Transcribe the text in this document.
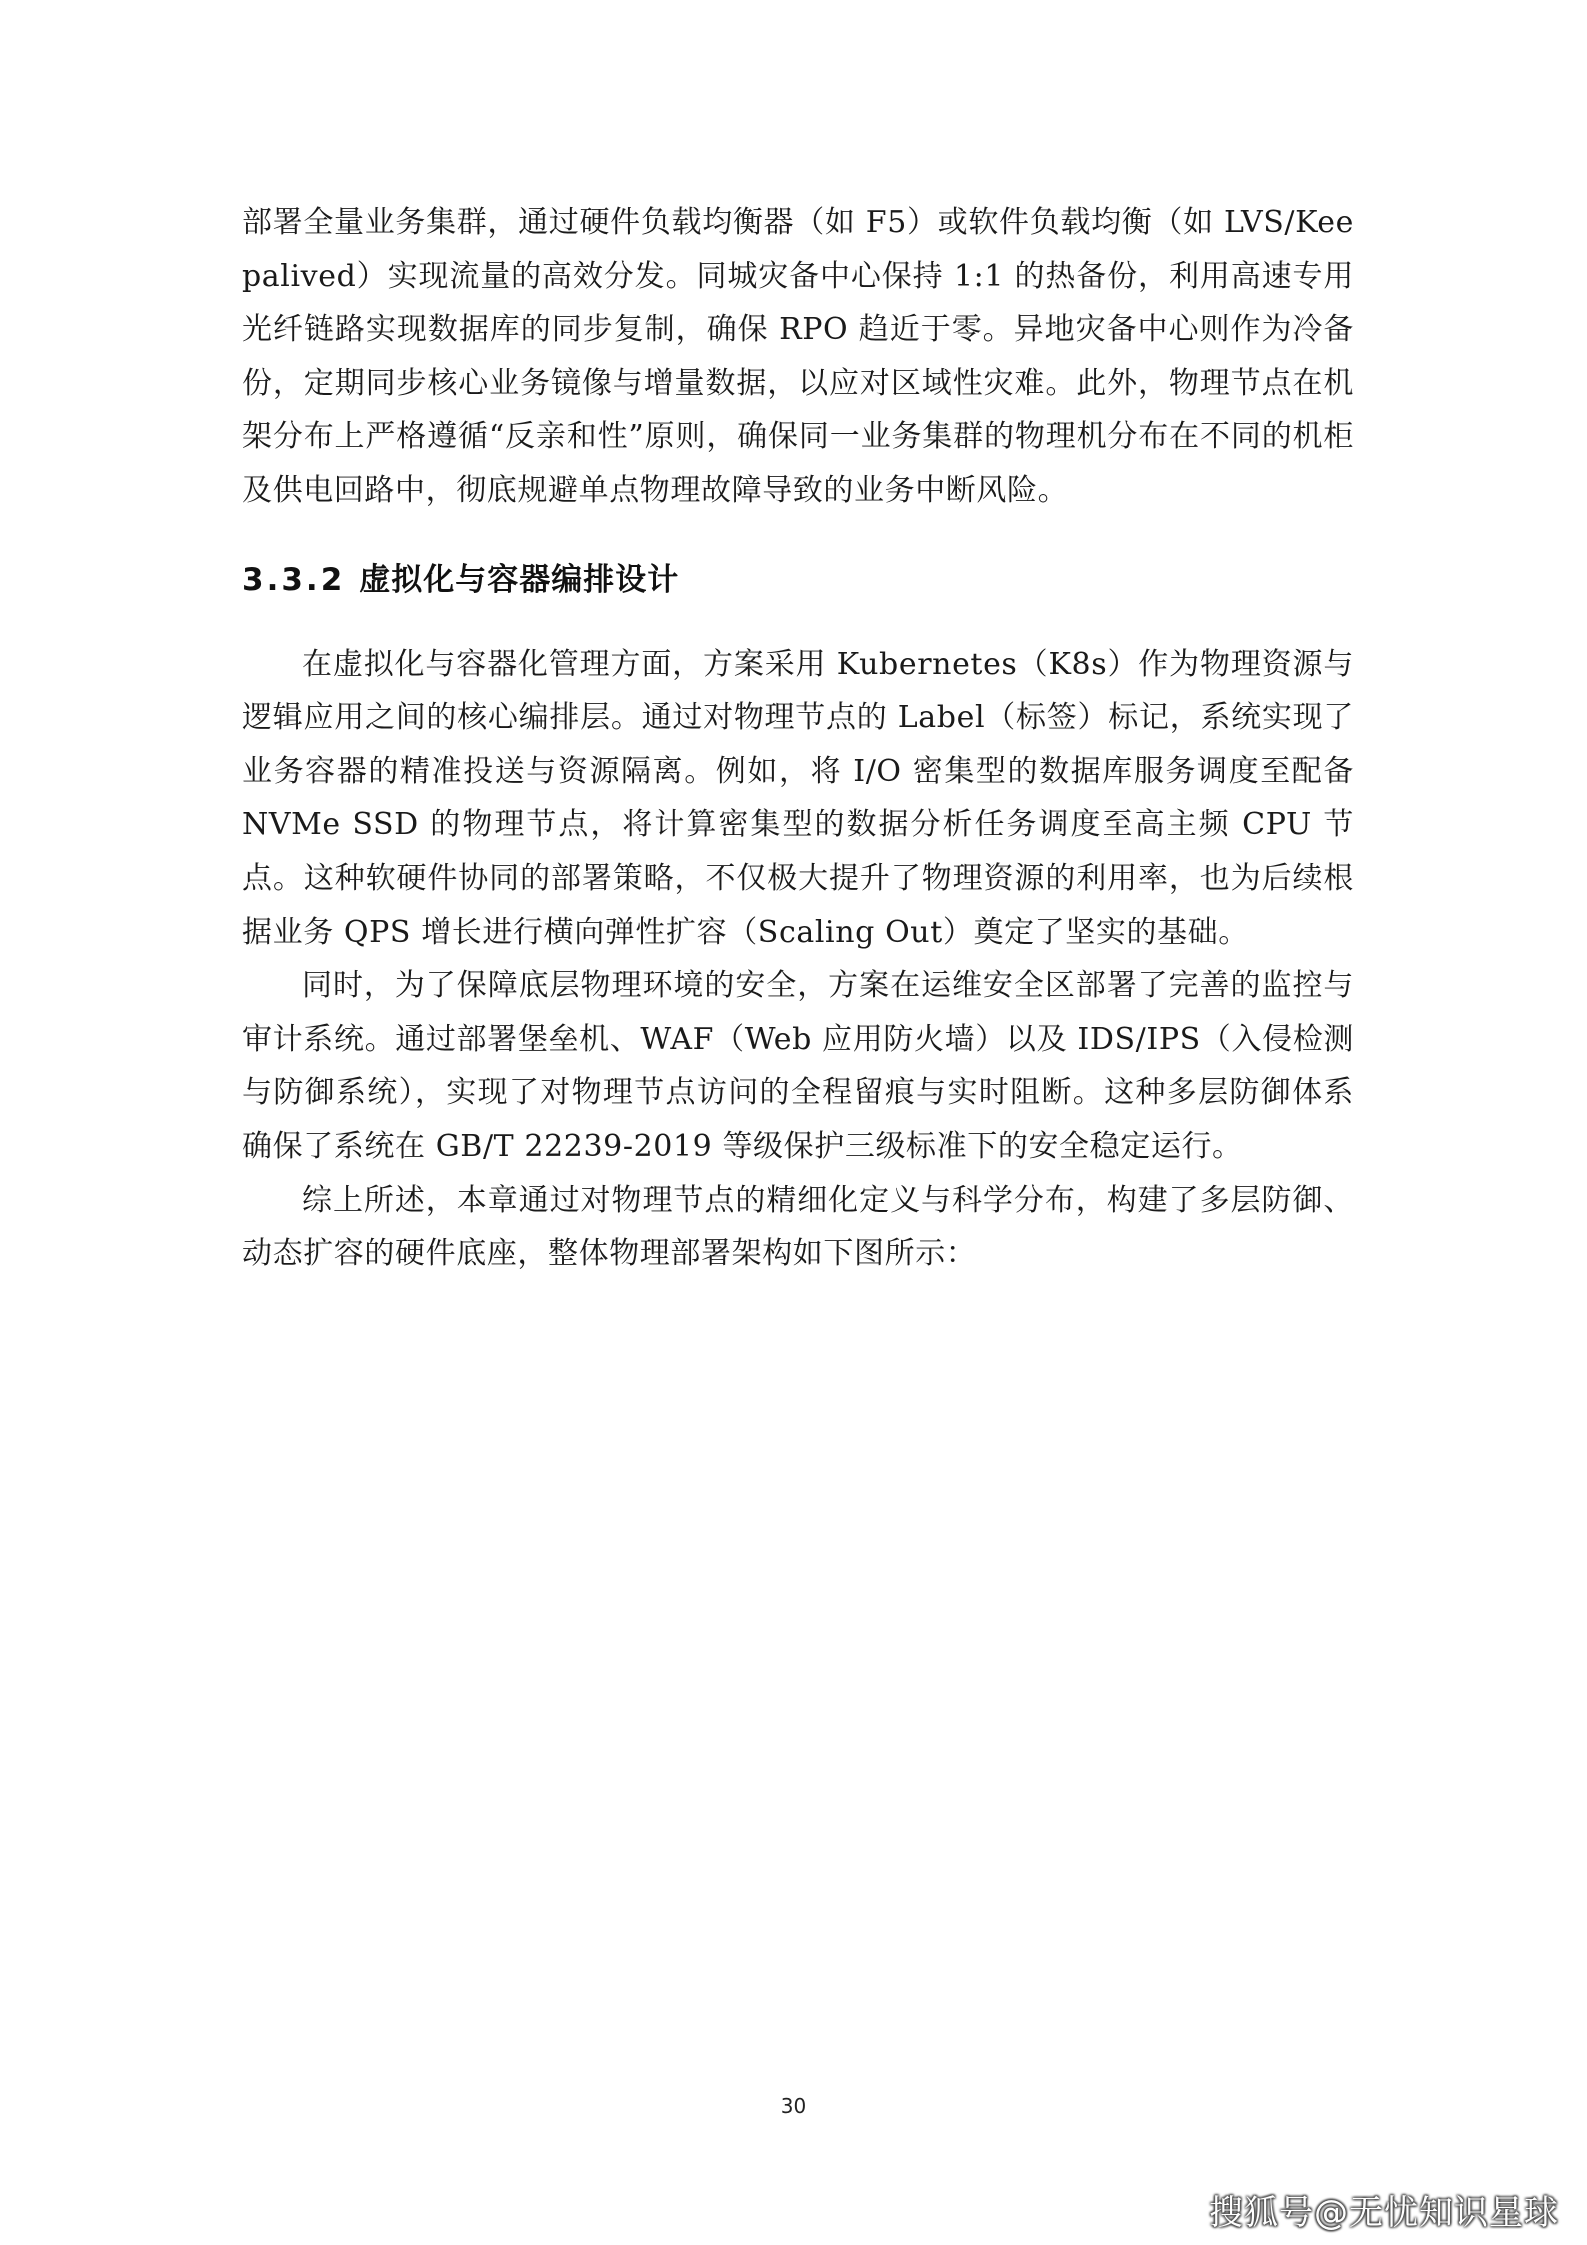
部署全量业务集群，通过硬件负载均衡器（如 F5）或软件负载均衡（如 LVS/Keepalived）实现流量的高效分发。同城灾备中心保持 1:1 的热备份，利用高速专用光纤链路实现数据库的同步复制，确保 RPO 趋近于零。异地灾备中心则作为冷备份，定期同步核心业务镜像与增量数据，以应对区域性灾难。此外，物理节点在机架分布上严格遵循“反亲和性”原则，确保同一业务集群的物理机分布在不同的机柜及供电回路中，彻底规避单点物理故障导致的业务中断风险。

3.3.2 虚拟化与容器编排设计

在虚拟化与容器化管理方面，方案采用 Kubernetes（K8s）作为物理资源与逻辑应用之间的核心编排层。通过对物理节点的 Label（标签）标记，系统实现了业务容器的精准投送与资源隔离。例如，将 I/O 密集型的数据库服务调度至配备 NVMe SSD 的物理节点，将计算密集型的数据分析任务调度至高主频 CPU 节点。这种软硬件协同的部署策略，不仅极大提升了物理资源的利用率，也为后续根据业务 QPS 增长进行横向弹性扩容（Scaling Out）奠定了坚实的基础。

同时，为了保障底层物理环境的安全，方案在运维安全区部署了完善的监控与审计系统。通过部署堡垒机、WAF（Web 应用防火墙）以及 IDS/IPS（入侵检测与防御系统），实现了对物理节点访问的全程留痕与实时阻断。这种多层防御体系确保了系统在 GB/T 22239-2019 等级保护三级标准下的安全稳定运行。

综上所述，本章通过对物理节点的精细化定义与科学分布，构建了多层防御、动态扩容的硬件底座，整体物理部署架构如下图所示：

30
搜狐号@无忧知识星球
